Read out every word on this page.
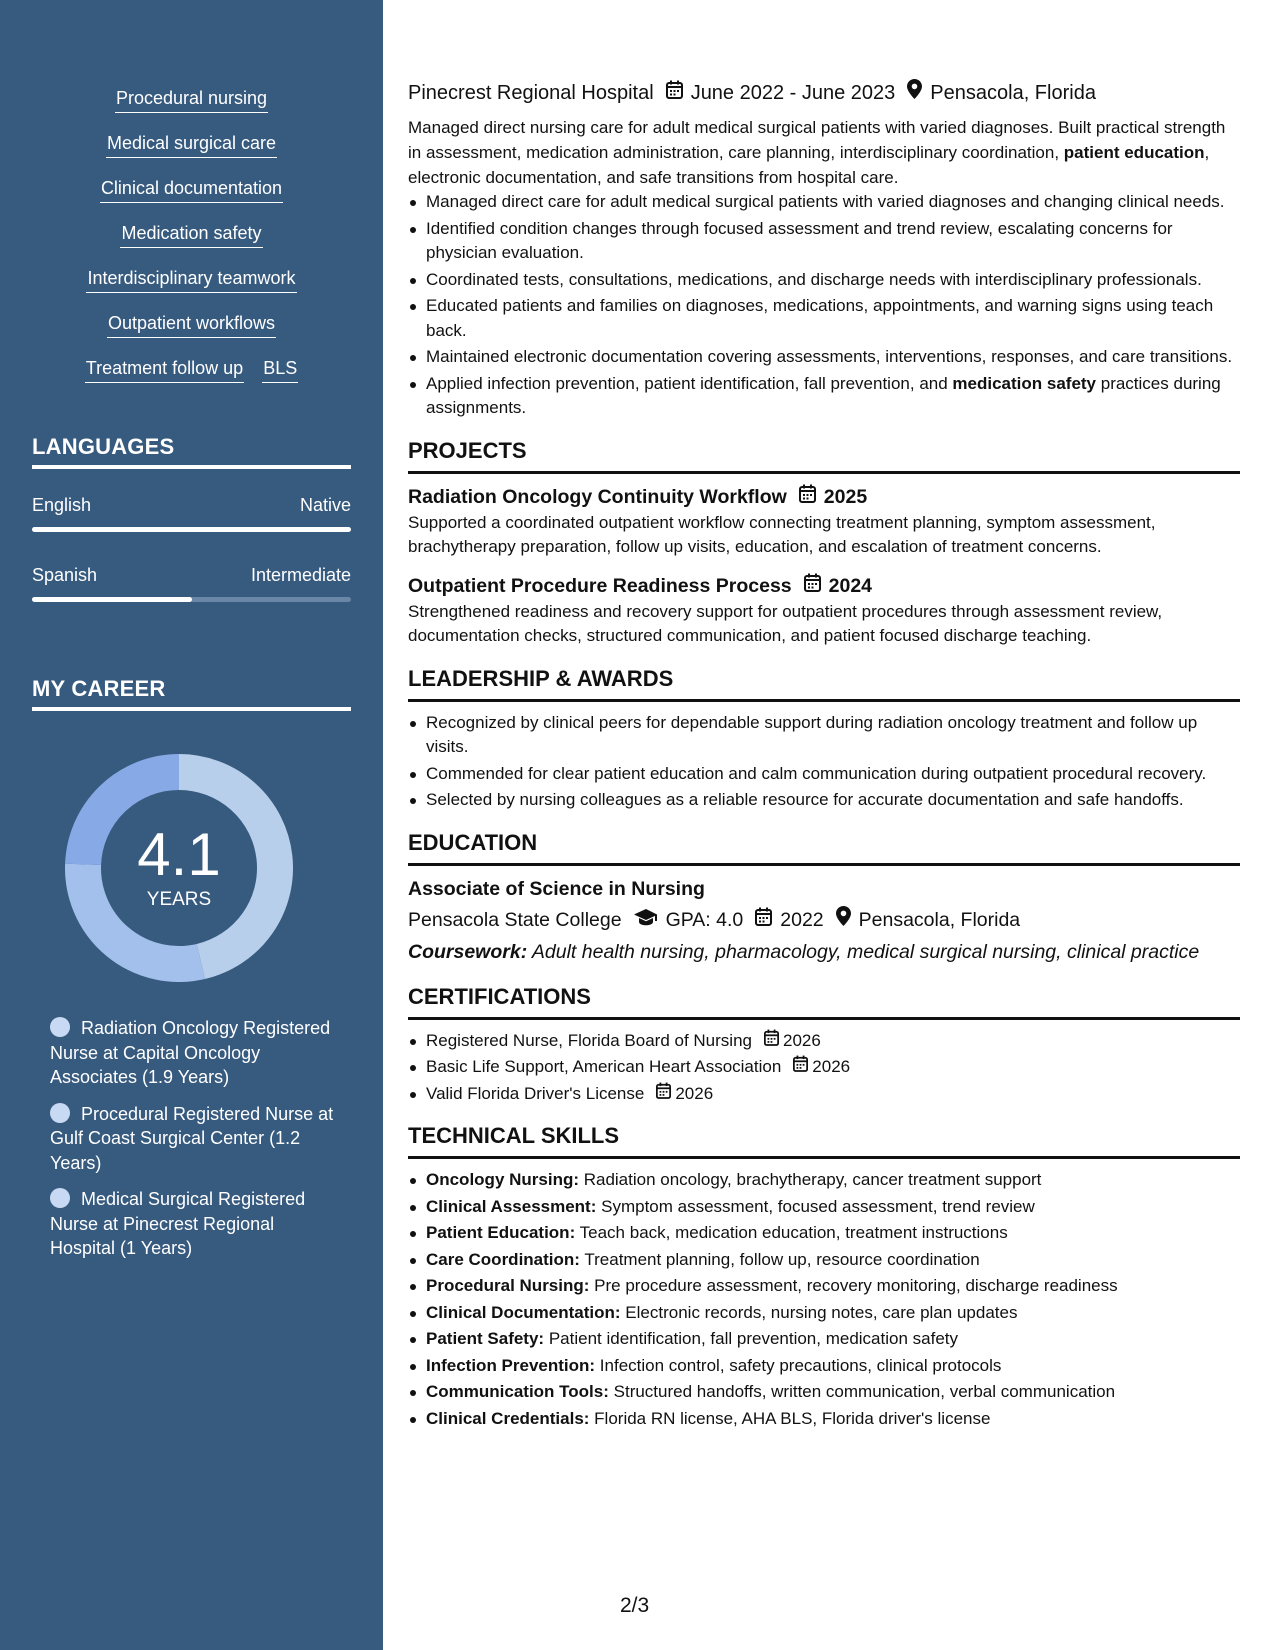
Procedural nursing
Medical surgical care
Clinical documentation
Medication safety
Interdisciplinary teamwork
Outpatient workflows
Treatment follow up BLS
LANGUAGES
English	Native
Spanish	Intermediate
MY CAREER
4.1
YEARS
Radiation Oncology Registered Nurse at Capital Oncology Associates (1.9 Years)
Procedural Registered Nurse at Gulf Coast Surgical Center (1.2 Years)
Medical Surgical Registered Nurse at Pinecrest Regional Hospital (1 Years)
Pinecrest Regional Hospital June 2022 - June 2023 Pensacola, Florida

Managed direct nursing care for adult medical surgical patients with varied diagnoses. Built practical strength in assessment, medication administration, care planning, interdisciplinary coordination, patient education, electronic documentation, and safe transitions from hospital care.

Managed direct care for adult medical surgical patients with varied diagnoses and changing clinical needs.
Identified condition changes through focused assessment and trend review, escalating concerns for physician evaluation.
Coordinated tests, consultations, medications, and discharge needs with interdisciplinary professionals.
Educated patients and families on diagnoses, medications, appointments, and warning signs using teach back.
Maintained electronic documentation covering assessments, interventions, responses, and care transitions.
Applied infection prevention, patient identification, fall prevention, and medication safety practices during assignments.
PROJECTS
Radiation Oncology Continuity Workflow 2025

Supported a coordinated outpatient workflow connecting treatment planning, symptom assessment, brachytherapy preparation, follow up visits, education, and escalation of treatment concerns.

Outpatient Procedure Readiness Process 2024

Strengthened readiness and recovery support for outpatient procedures through assessment review, documentation checks, structured communication, and patient focused discharge teaching.

LEADERSHIP & AWARDS
Recognized by clinical peers for dependable support during radiation oncology treatment and follow up visits.
Commended for clear patient education and calm communication during outpatient procedural recovery.
Selected by nursing colleagues as a reliable resource for accurate documentation and safe handoffs.
EDUCATION
Associate of Science in Nursing
Pensacola State College GPA: 4.0 2022 Pensacola, Florida
Coursework: Adult health nursing, pharmacology, medical surgical nursing, clinical practice
CERTIFICATIONS
Registered Nurse, Florida Board of Nursing 2026
Basic Life Support, American Heart Association 2026
Valid Florida Driver's License 2026
TECHNICAL SKILLS
Oncology Nursing: Radiation oncology, brachytherapy, cancer treatment support
Clinical Assessment: Symptom assessment, focused assessment, trend review
Patient Education: Teach back, medication education, treatment instructions
Care Coordination: Treatment planning, follow up, resource coordination
Procedural Nursing: Pre procedure assessment, recovery monitoring, discharge readiness
Clinical Documentation: Electronic records, nursing notes, care plan updates
Patient Safety: Patient identification, fall prevention, medication safety
Infection Prevention: Infection control, safety precautions, clinical protocols
Communication Tools: Structured handoffs, written communication, verbal communication
Clinical Credentials: Florida RN license, AHA BLS, Florida driver's license
2/3
